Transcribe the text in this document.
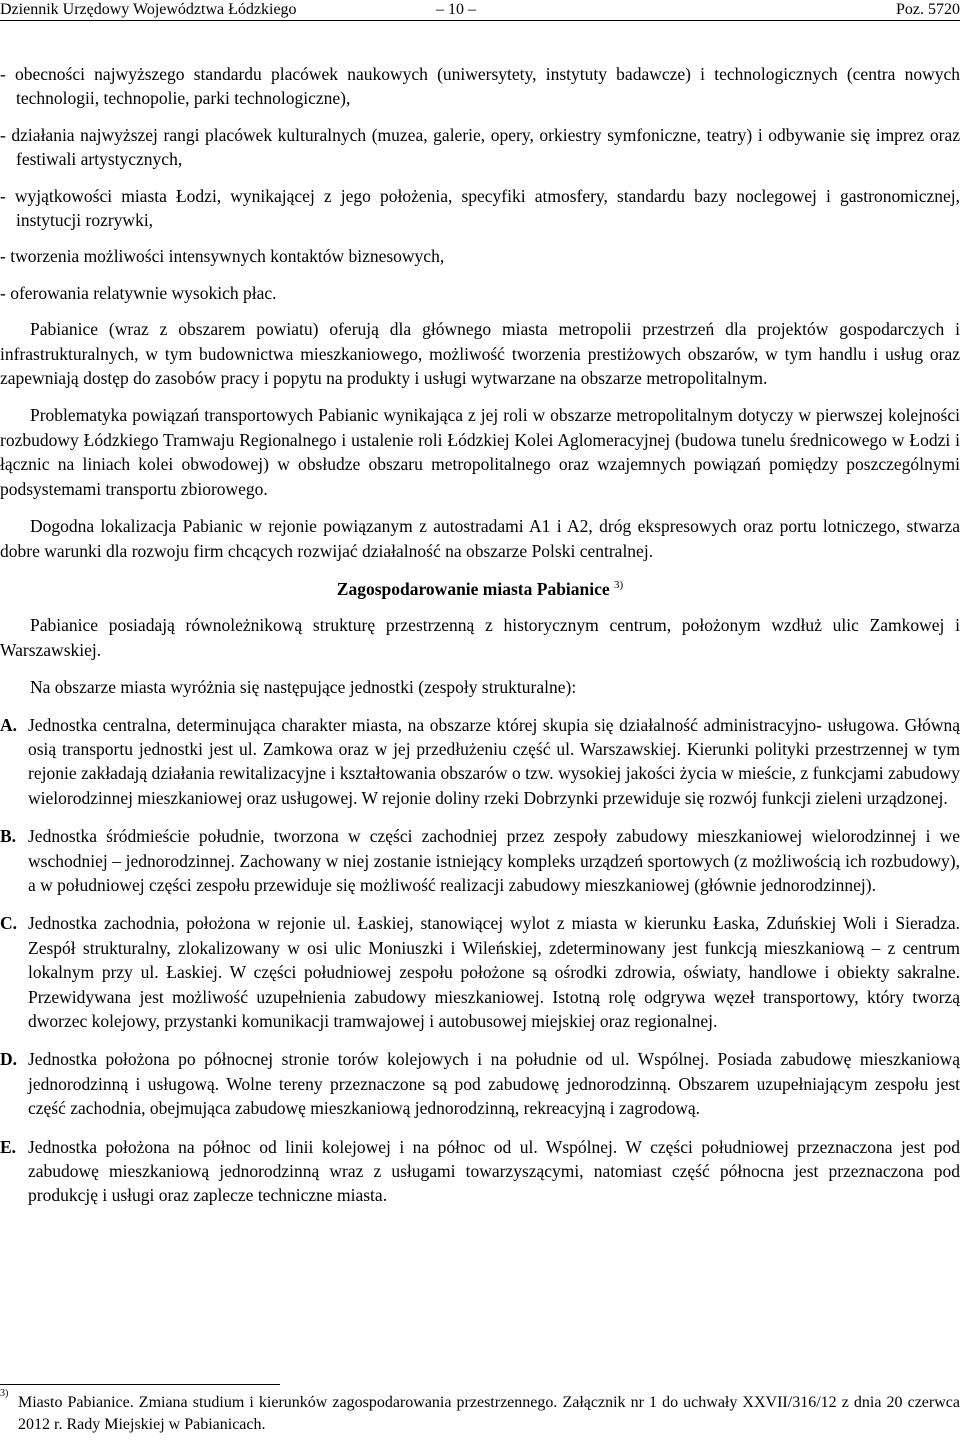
Dziennik Urzędowy Województwa Łódzkiego	– 10 –	Poz. 5720

- obecności najwyższego standardu placówek naukowych (uniwersytety, instytuty badawcze) i technologicznych (centra nowych technologii, technopolie, parki technologiczne),

- działania najwyższej rangi placówek kulturalnych (muzea, galerie, opery, orkiestry symfoniczne, teatry) i odbywanie się imprez oraz festiwali artystycznych,

- wyjątkowości miasta Łodzi, wynikającej z jego położenia, specyfiki atmosfery, standardu bazy noclegowej i gastronomicznej, instytucji rozrywki,

- tworzenia możliwości intensywnych kontaktów biznesowych,

- oferowania relatywnie wysokich płac.

Pabianice (wraz z obszarem powiatu) oferują dla głównego miasta metropolii przestrzeń dla projektów gospodarczych i infrastrukturalnych, w tym budownictwa mieszkaniowego, możliwość tworzenia prestiżowych obszarów, w tym handlu i usług oraz zapewniają dostęp do zasobów pracy i popytu na produkty i usługi wytwarzane na obszarze metropolitalnym.

Problematyka powiązań transportowych Pabianic wynikająca z jej roli w obszarze metropolitalnym dotyczy w pierwszej kolejności rozbudowy Łódzkiego Tramwaju Regionalnego i ustalenie roli Łódzkiej Kolei Aglomeracyjnej (budowa tunelu średnicowego w Łodzi i łącznic na liniach kolei obwodowej) w obsłudze obszaru metropolitalnego oraz wzajemnych powiązań pomiędzy poszczególnymi podsystemami transportu zbiorowego.

Dogodna lokalizacja Pabianic w rejonie powiązanym z autostradami A1 i A2, dróg ekspresowych oraz portu lotniczego, stwarza dobre warunki dla rozwoju firm chcących rozwijać działalność na obszarze Polski centralnej.

Zagospodarowanie miasta Pabianice $^{3)}$

Pabianice posiadają równoleżnikową strukturę przestrzenną z historycznym centrum, położonym wzdłuż ulic Zamkowej i Warszawskiej.

Na obszarze miasta wyróżnia się następujące jednostki (zespoły strukturalne):

A. Jednostka centralna, determinująca charakter miasta, na obszarze której skupia się działalność administracyjno- usługowa. Główną osią transportu jednostki jest ul. Zamkowa oraz w jej przedłużeniu część ul. Warszawskiej. Kierunki polityki przestrzennej w tym rejonie zakładają działania rewitalizacyjne i kształtowania obszarów o tzw. wysokiej jakości życia w mieście, z funkcjami zabudowy wielorodzinnej mieszkaniowej oraz usługowej. W rejonie doliny rzeki Dobrzynki przewiduje się rozwój funkcji zieleni urządzonej.

B. Jednostka śródmieście południe, tworzona w części zachodniej przez zespoły zabudowy mieszkaniowej wielorodzinnej i we wschodniej – jednorodzinnej. Zachowany w niej zostanie istniejący kompleks urządzeń sportowych (z możliwością ich rozbudowy), a w południowej części zespołu przewiduje się możliwość realizacji zabudowy mieszkaniowej (głównie jednorodzinnej).

C. Jednostka zachodnia, położona w rejonie ul. Łaskiej, stanowiącej wylot z miasta w kierunku Łaska, Zduńskiej Woli i Sieradza. Zespół strukturalny, zlokalizowany w osi ulic Moniuszki i Wileńskiej, zdeterminowany jest funkcją mieszkaniową – z centrum lokalnym przy ul. Łaskiej. W części południowej zespołu położone są ośrodki zdrowia, oświaty, handlowe i obiekty sakralne. Przewidywana jest możliwość uzupełnienia zabudowy mieszkaniowej. Istotną rolę odgrywa węzeł transportowy, który tworzą dworzec kolejowy, przystanki komunikacji tramwajowej i autobusowej miejskiej oraz regionalnej.

D. Jednostka położona po północnej stronie torów kolejowych i na południe od ul. Wspólnej. Posiada zabudowę mieszkaniową jednorodzinną i usługową. Wolne tereny przeznaczone są pod zabudowę jednorodzinną. Obszarem uzupełniającym zespołu jest część zachodnia, obejmująca zabudowę mieszkaniową jednorodzinną, rekreacyjną i zagrodową.

E. Jednostka położona na północ od linii kolejowej i na północ od ul. Wspólnej. W części południowej przeznaczona jest pod zabudowę mieszkaniową jednorodzinną wraz z usługami towarzyszącymi, natomiast część północna jest przeznaczona pod produkcję i usługi oraz zaplecze techniczne miasta.

3)
Miasto Pabianice. Zmiana studium i kierunków zagospodarowania przestrzennego. Załącznik nr 1 do uchwały XXVII/316/12 z dnia 20 czerwca 2012 r. Rady Miejskiej w Pabianicach.
